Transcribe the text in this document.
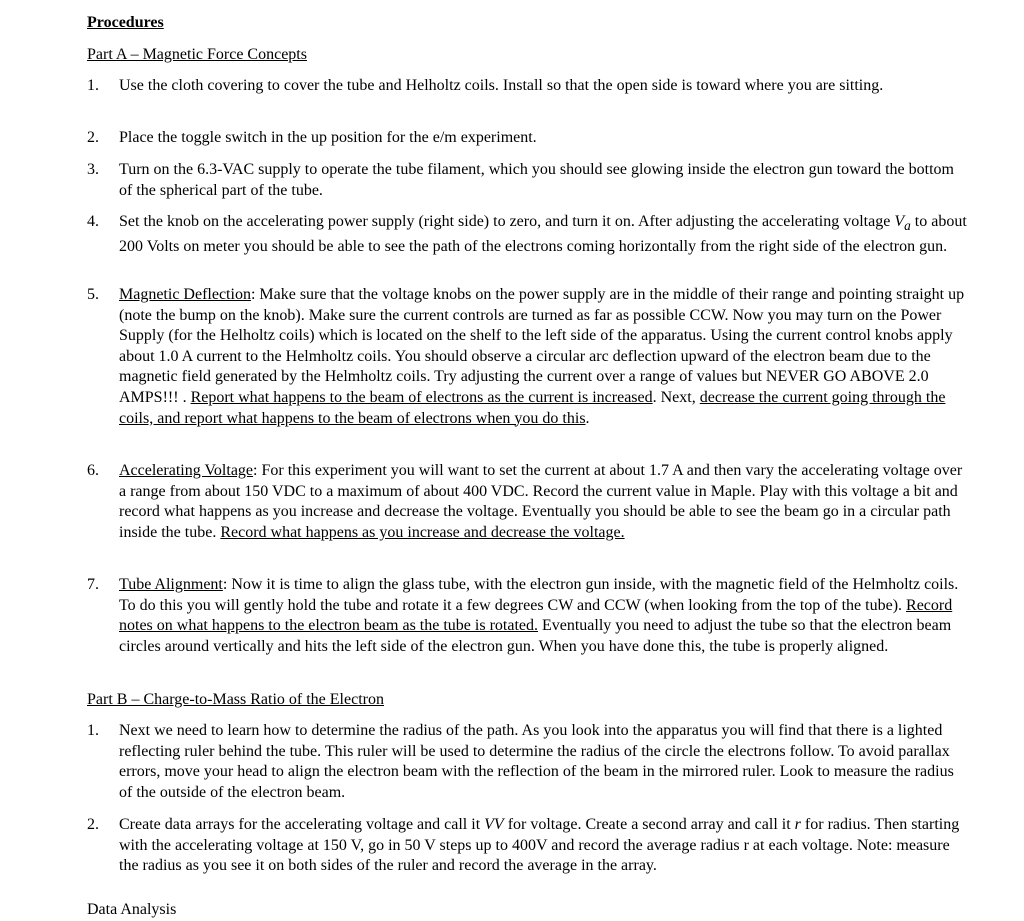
Procedures
Part A – Magnetic Force Concepts
1. Use the cloth covering to cover the tube and Helholtz coils. Install so that the open side is toward where you are sitting.
2. Place the toggle switch in the up position for the e/m experiment.
3. Turn on the 6.3-VAC supply to operate the tube filament, which you should see glowing inside the electron gun toward the bottom of the spherical part of the tube.
4. Set the knob on the accelerating power supply (right side) to zero, and turn it on. After adjusting the accelerating voltage $V_a$ to about 200 Volts on meter you should be able to see the path of the electrons coming horizontally from the right side of the electron gun.
5. Magnetic Deflection: Make sure that the voltage knobs on the power supply are in the middle of their range and pointing straight up (note the bump on the knob). Make sure the current controls are turned as far as possible CCW. Now you may turn on the Power Supply (for the Helholtz coils) which is located on the shelf to the left side of the apparatus. Using the current control knobs apply about 1.0 A current to the Helmholtz coils. You should observe a circular arc deflection upward of the electron beam due to the magnetic field generated by the Helmholtz coils. Try adjusting the current over a range of values but NEVER GO ABOVE 2.0 AMPS!!! . Report what happens to the beam of electrons as the current is increased. Next, decrease the current going through the coils, and report what happens to the beam of electrons when you do this.
6. Accelerating Voltage: For this experiment you will want to set the current at about 1.7 A and then vary the accelerating voltage over a range from about 150 VDC to a maximum of about 400 VDC. Record the current value in Maple. Play with this voltage a bit and record what happens as you increase and decrease the voltage. Eventually you should be able to see the beam go in a circular path inside the tube. Record what happens as you increase and decrease the voltage.
7. Tube Alignment: Now it is time to align the glass tube, with the electron gun inside, with the magnetic field of the Helmholtz coils. To do this you will gently hold the tube and rotate it a few degrees CW and CCW (when looking from the top of the tube). Record notes on what happens to the electron beam as the tube is rotated. Eventually you need to adjust the tube so that the electron beam circles around vertically and hits the left side of the electron gun. When you have done this, the tube is properly aligned.
Part B – Charge-to-Mass Ratio of the Electron
1. Next we need to learn how to determine the radius of the path. As you look into the apparatus you will find that there is a lighted reflecting ruler behind the tube. This ruler will be used to determine the radius of the circle the electrons follow. To avoid parallax errors, move your head to align the electron beam with the reflection of the beam in the mirrored ruler. Look to measure the radius of the outside of the electron beam.
2. Create data arrays for the accelerating voltage and call it VV for voltage. Create a second array and call it r for radius. Then starting with the accelerating voltage at 150 V, go in 50 V steps up to 400V and record the average radius r at each voltage. Note: measure the radius as you see it on both sides of the ruler and record the average in the array.
Data Analysis
